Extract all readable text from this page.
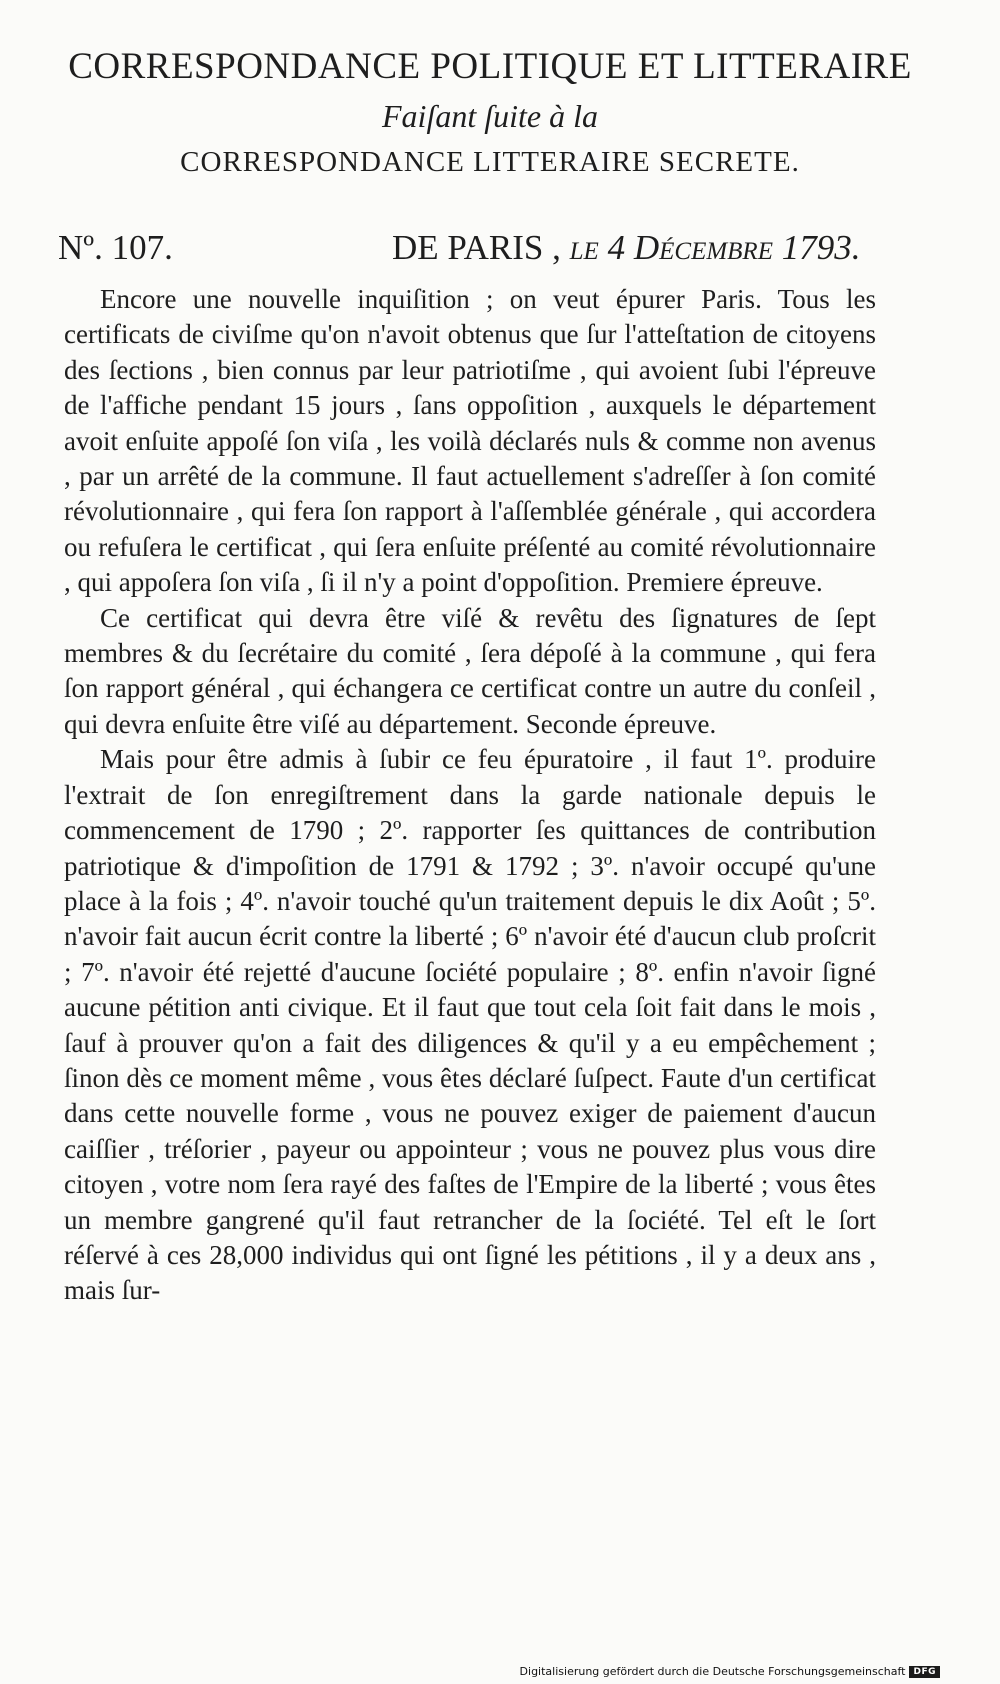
CORRESPONDANCE POLITIQUE ET LITTERAIRE
Faiſant ſuite à la
CORRESPONDANCE LITTERAIRE SECRETE.
Nº. 107.	DE PARIS , le 4 Décembre 1793.

Encore une nouvelle inquiſition ; on veut épurer Paris. Tous les certificats de civiſme qu'on n'avoit obtenus que ſur l'atteſtation de citoyens des ſections , bien connus par leur patriotiſme , qui avoient ſubi l'épreuve de l'affiche pendant 15 jours , ſans oppoſition , auxquels le département avoit enſuite appoſé ſon viſa , les voilà déclarés nuls & comme non avenus , par un arrêté de la commune. Il faut actuellement s'adreſſer à ſon comité révolutionnaire , qui fera ſon rapport à l'aſſemblée générale , qui accordera ou refuſera le certificat , qui ſera enſuite préſenté au comité révolutionnaire , qui appoſera ſon viſa , ſi il n'y a point d'oppoſition. Premiere épreuve.

Ce certificat qui devra être viſé & revêtu des ſignatures de ſept membres & du ſecrétaire du comité , ſera dépoſé à la commune , qui fera ſon rapport général , qui échangera ce certificat contre un autre du conſeil , qui devra enſuite être viſé au département. Seconde épreuve.

Mais pour être admis à ſubir ce feu épuratoire , il faut 1º. produire l'extrait de ſon enregiſtrement dans la garde nationale depuis le commencement de 1790 ; 2º. rapporter ſes quittances de contribution patriotique & d'impoſition de 1791 & 1792 ; 3º. n'avoir occupé qu'une place à la fois ; 4º. n'avoir touché qu'un traitement depuis le dix Août ; 5º. n'avoir fait aucun écrit contre la liberté ; 6º n'avoir été d'aucun club proſcrit ; 7º. n'avoir été rejetté d'aucune ſociété populaire ; 8º. enfin n'avoir ſigné aucune pétition anti civique. Et il faut que tout cela ſoit fait dans le mois , ſauf à prouver qu'on a fait des diligences & qu'il y a eu empêchement ; ſinon dès ce moment même , vous êtes déclaré ſuſpect. Faute d'un certificat dans cette nouvelle forme , vous ne pouvez exiger de paiement d'aucun caiſſier , tréſorier , payeur ou appointeur ; vous ne pouvez plus vous dire citoyen , votre nom ſera rayé des faſtes de l'Empire de la liberté ; vous êtes un membre gangrené qu'il faut retrancher de la ſociété. Tel eſt le ſort réſervé à ces 28,000 individus qui ont ſigné les pétitions , il y a deux ans , mais ſur-

Digitalisierung gefördert durch die Deutsche Forschungsgemeinschaft DFG
